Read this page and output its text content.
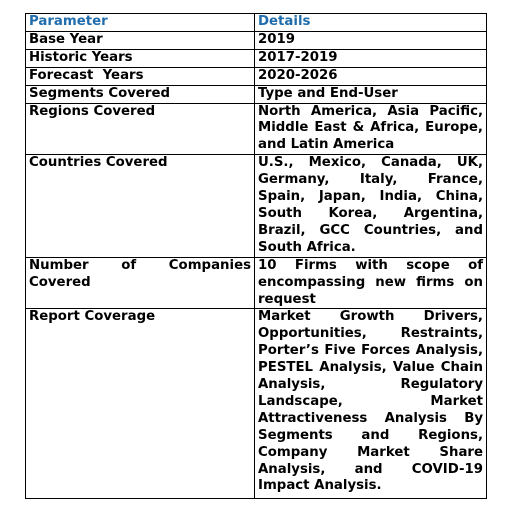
Parameter	Details
Base Year	2019
Historic Years	2017-2019
Forecast  Years	2020-2026
Segments Covered	Type and End-User
Regions Covered	North America, Asia Pacific, Middle East & Africa, Europe, and Latin America
Countries Covered	U.S., Mexico, Canada, UK, Germany, Italy, France, Spain, Japan, India, China, South Korea, Argentina, Brazil, GCC Countries, and South Africa.
Number of Companies Covered	10 Firms with scope of encompassing new firms on request
Report Coverage	Market Growth Drivers, Opportunities, Restraints, Porter’s Five Forces Analysis, PESTEL Analysis, Value Chain Analysis, Regulatory Landscape, Market Attractiveness Analysis By Segments and Regions, Company Market Share Analysis, and COVID-19 Impact Analysis.
